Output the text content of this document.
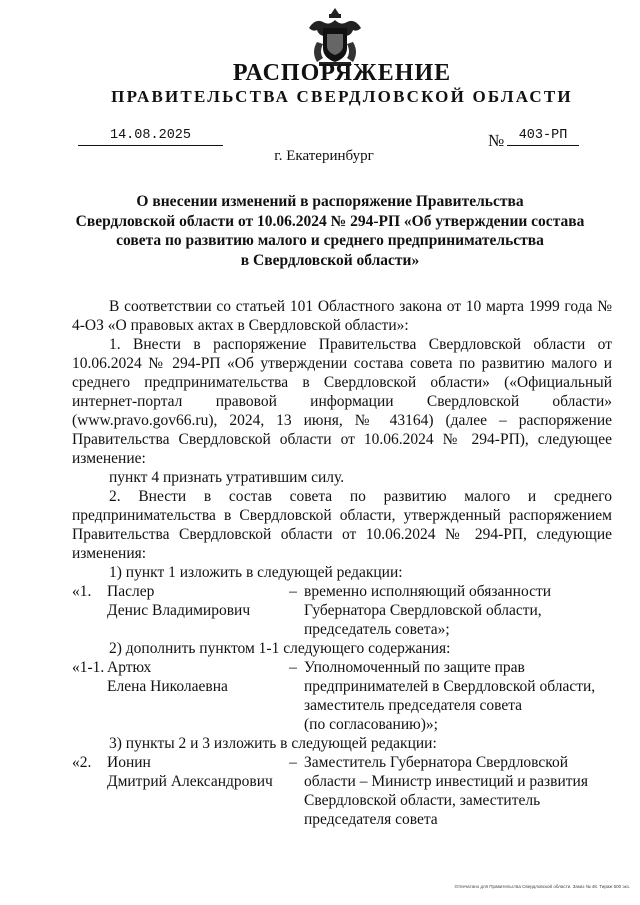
РАСПОРЯЖЕНИЕ
ПРАВИТЕЛЬСТВА СВЕРДЛОВСКОЙ ОБЛАСТИ
14.08.2025	№	403-РП
г. Екатеринбург
О внесении изменений в распоряжение Правительства
Свердловской области от 10.06.2024 № 294-РП «Об утверждении состава
совета по развитию малого и среднего предпринимательства
в Свердловской области»

В соответствии со статьей 101 Областного закона от 10 марта 1999 года № 4-ОЗ «О правовых актах в Свердловской области»:

1. Внести в распоряжение Правительства Свердловской области от 10.06.2024 № 294-РП «Об утверждении состава совета по развитию малого и среднего предпринимательства в Свердловской области» («Официальный интернет-портал правовой информации Свердловской области» (www.pravo.gov66.ru), 2024, 13 июня, № 43164) (далее – распоряжение Правительства Свердловской области от 10.06.2024 № 294-РП), следующее изменение:

пункт 4 признать утратившим силу.

2. Внести в состав совета по развитию малого и среднего предпринимательства в Свердловской области, утвержденный распоряжением Правительства Свердловской области от 10.06.2024 № 294-РП, следующие изменения:

1) пункт 1 изложить в следующей редакции:

«1.	Паслер
Денис Владимирович
– временно исполняющий обязанности
Губернатора Свердловской области,
председатель совета»;

2) дополнить пунктом 1-1 следующего содержания:

«1-1. Артюх
Елена Николаевна
– Уполномоченный по защите прав
предпринимателей в Свердловской области,
заместитель председателя совета
(по согласованию)»;

3) пункты 2 и 3 изложить в следующей редакции:

«2.	Ионин
Дмитрий Александрович
– Заместитель Губернатора Свердловской
области – Министр инвестиций и развития
Свердловской области, заместитель
председателя совета
Отпечатано для Правительства Свердловской области. Заказ № 48. Тираж 500 экз.
